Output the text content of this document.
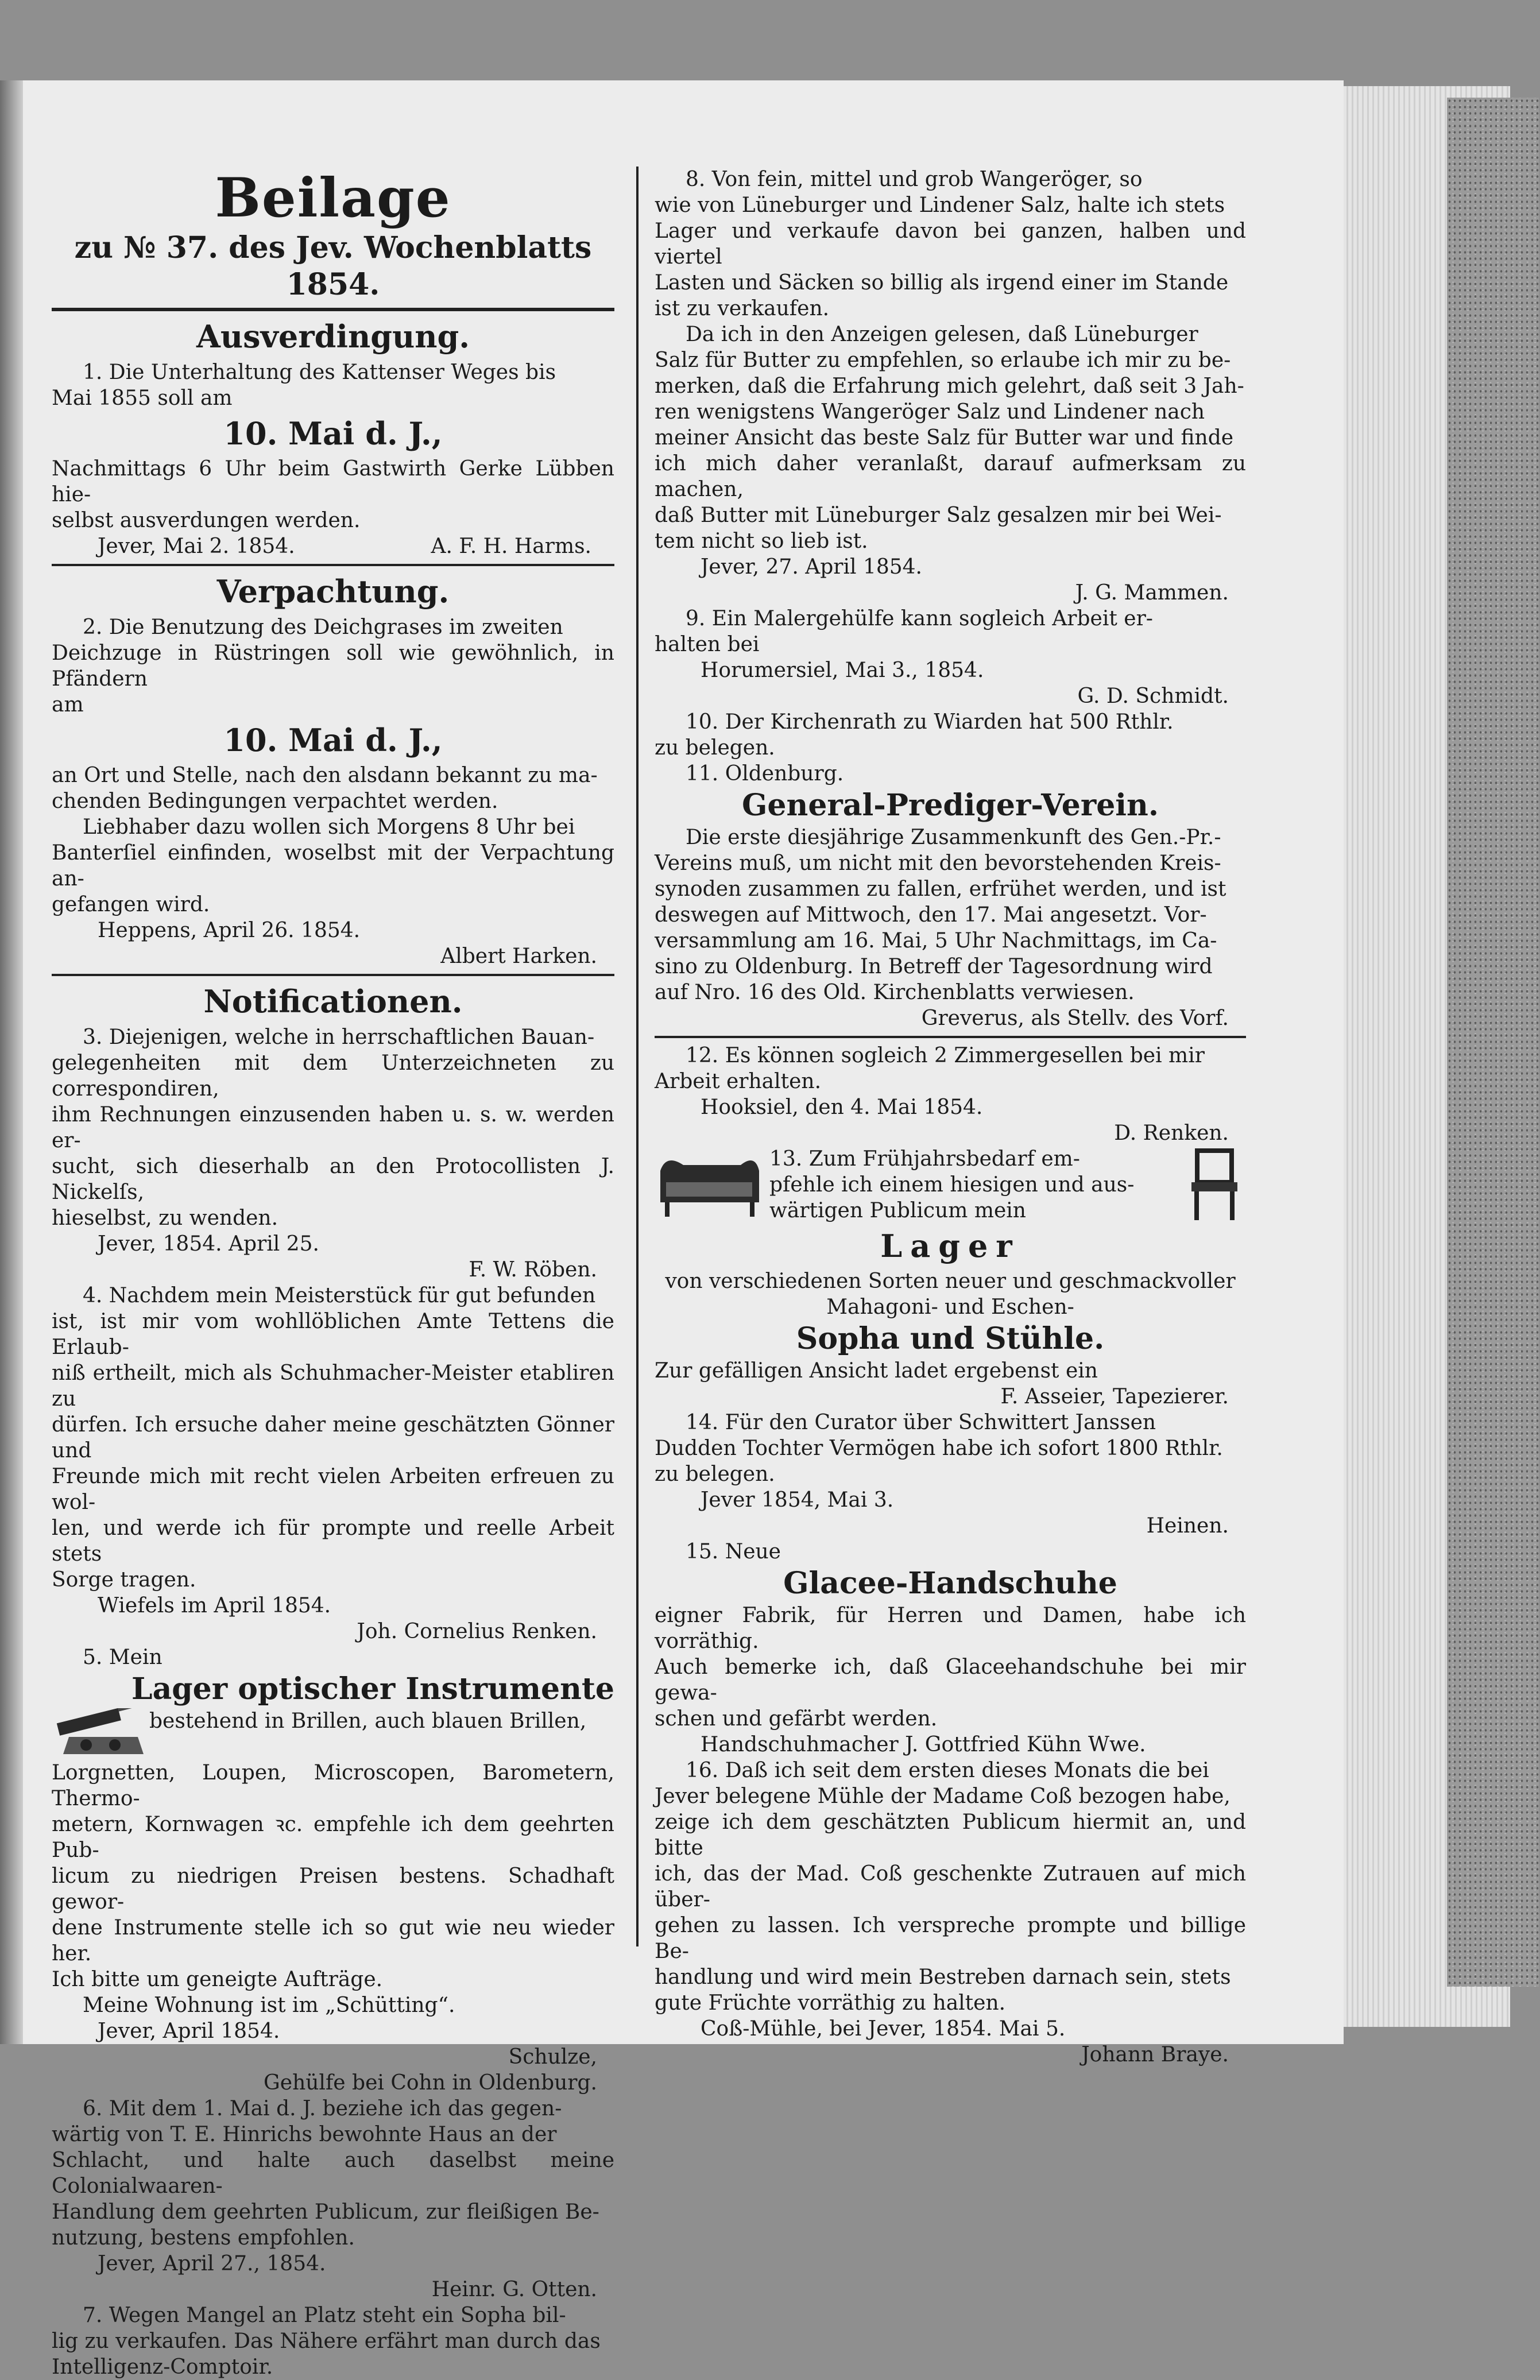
Beilage

zu № 37. des Jev. Wochenblatts 1854.

Ausverdingung.

1. Die Unterhaltung des Kattenser Weges bis

Mai 1855 soll am

10. Mai d. J.,

Nachmittags 6 Uhr beim Gastwirth Gerke Lübben hie-

selbst ausverdungen werden.

Jever, Mai 2. 1854.	A. F. H. Harms.

Verpachtung.

2. Die Benutzung des Deichgrases im zweiten

Deichzuge in Rüstringen soll wie gewöhnlich, in Pfändern

am

10. Mai d. J.,

an Ort und Stelle, nach den alsdann bekannt zu ma-

chenden Bedingungen verpachtet werden.

Liebhaber dazu wollen sich Morgens 8 Uhr bei

Banterſiel einfinden, woselbst mit der Verpachtung an-

gefangen wird.

Heppens, April 26. 1854.

Albert Harken.

Notificationen.

3. Diejenigen, welche in herrschaftlichen Bauan-

gelegenheiten mit dem Unterzeichneten zu correspondiren,

ihm Rechnungen einzusenden haben u. s. w. werden er-

sucht, sich dieserhalb an den Protocollisten J. Nickelſs,

hieselbst, zu wenden.

Jever, 1854. April 25.

F. W. Röben.

4. Nachdem mein Meisterstück für gut befunden

ist, ist mir vom wohllöblichen Amte Tettens die Erlaub-

niß ertheilt, mich als Schuhmacher-Meister etabliren zu

dürfen. Ich ersuche daher meine geschätzten Gönner und

Freunde mich mit recht vielen Arbeiten erfreuen zu wol-

len, und werde ich für prompte und reelle Arbeit stets

Sorge tragen.

Wiefels im April 1854.

Joh. Cornelius Renken.

5. Mein

Lager optischer Instrumente

bestehend in Brillen, auch blauen Brillen,

Lorgnetten, Loupen, Microscopen, Barometern, Thermo-

metern, Kornwagen ꝛc. empfehle ich dem geehrten Pub-

licum zu niedrigen Preisen bestens. Schadhaft gewor-

dene Instrumente stelle ich so gut wie neu wieder her.

Ich bitte um geneigte Aufträge.

Meine Wohnung ist im „Schütting“.

Jever, April 1854.

Schulze,

Gehülfe bei Cohn in Oldenburg.

6. Mit dem 1. Mai d. J. beziehe ich das gegen-

wärtig von T. E. Hinrichs bewohnte Haus an der

Schlacht, und halte auch daselbst meine Colonialwaaren-

Handlung dem geehrten Publicum, zur fleißigen Be-

nutzung, bestens empfohlen.

Jever, April 27., 1854.

Heinr. G. Otten.

7. Wegen Mangel an Platz steht ein Sopha bil-

lig zu verkaufen. Das Nähere erfährt man durch das

Intelligenz-Comptoir.

8. Von fein, mittel und grob Wangeröger, so

wie von Lüneburger und Lindener Salz, halte ich stets

Lager und verkaufe davon bei ganzen, halben und viertel

Lasten und Säcken so billig als irgend einer im Stande

ist zu verkaufen.

Da ich in den Anzeigen gelesen, daß Lüneburger

Salz für Butter zu empfehlen, so erlaube ich mir zu be-

merken, daß die Erfahrung mich gelehrt, daß seit 3 Jah-

ren wenigstens Wangeröger Salz und Lindener nach

meiner Ansicht das beste Salz für Butter war und finde

ich mich daher veranlaßt, darauf aufmerksam zu machen,

daß Butter mit Lüneburger Salz gesalzen mir bei Wei-

tem nicht so lieb ist.

Jever, 27. April 1854.

J. G. Mammen.

9. Ein Malergehülfe kann sogleich Arbeit er-

halten bei

Horumersiel, Mai 3., 1854.

G. D. Schmidt.

10. Der Kirchenrath zu Wiarden hat 500 Rthlr.

zu belegen.

11. Oldenburg.

General-Prediger-Verein.

Die erste diesjährige Zusammenkunft des Gen.-Pr.-

Vereins muß, um nicht mit den bevorstehenden Kreis-

synoden zusammen zu fallen, erfrühet werden, und ist

deswegen auf Mittwoch, den 17. Mai angesetzt. Vor-

versammlung am 16. Mai, 5 Uhr Nachmittags, im Ca-

sino zu Oldenburg. In Betreff der Tagesordnung wird

auf Nro. 16 des Old. Kirchenblatts verwiesen.

Greverus, als Stellv. des Vorf.

12. Es können sogleich 2 Zimmergesellen bei mir

Arbeit erhalten.

Hooksiel, den 4. Mai 1854.

D. Renken.

13. Zum Frühjahrsbedarf em-

pfehle ich einem hiesigen und aus-

wärtigen Publicum mein

Lager

von verschiedenen Sorten neuer und geschmackvoller

Mahagoni- und Eschen-

Sopha und Stühle.

Zur gefälligen Ansicht ladet ergebenst ein

F. Asseier, Tapezierer.

14. Für den Curator über Schwittert Janssen

Dudden Tochter Vermögen habe ich sofort 1800 Rthlr.

zu belegen.

Jever 1854, Mai 3.

Heinen.

15. Neue

Glacee-Handschuhe

eigner Fabrik, für Herren und Damen, habe ich vorräthig.

Auch bemerke ich, daß Glaceehandschuhe bei mir gewa-

schen und gefärbt werden.

Handschuhmacher J. Gottfried Kühn Wwe.

16. Daß ich seit dem ersten dieses Monats die bei

Jever belegene Mühle der Madame Coß bezogen habe,

zeige ich dem geschätzten Publicum hiermit an, und bitte

ich, das der Mad. Coß geschenkte Zutrauen auf mich über-

gehen zu lassen. Ich verspreche prompte und billige Be-

handlung und wird mein Bestreben darnach sein, stets

gute Früchte vorräthig zu halten.

Coß-Mühle, bei Jever, 1854. Mai 5.

Johann Braye.
